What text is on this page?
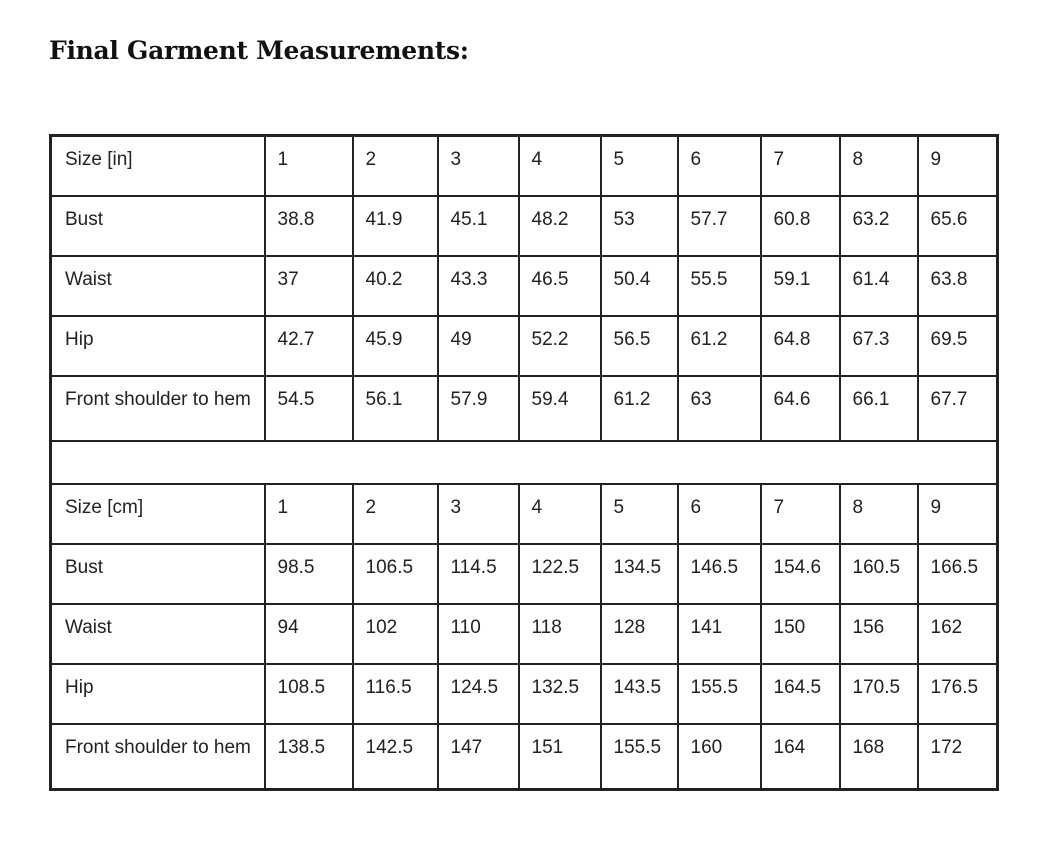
Final Garment Measurements:
Size [in]	1	2	3	4	5	6	7	8	9
Bust	38.8	41.9	45.1	48.2	53	57.7	60.8	63.2	65.6
Waist	37	40.2	43.3	46.5	50.4	55.5	59.1	61.4	63.8
Hip	42.7	45.9	49	52.2	56.5	61.2	64.8	67.3	69.5
Front shoulder to hem	54.5	56.1	57.9	59.4	61.2	63	64.6	66.1	67.7

Size [cm]	1	2	3	4	5	6	7	8	9
Bust	98.5	106.5	114.5	122.5	134.5	146.5	154.6	160.5	166.5
Waist	94	102	110	118	128	141	150	156	162
Hip	108.5	116.5	124.5	132.5	143.5	155.5	164.5	170.5	176.5
Front shoulder to hem	138.5	142.5	147	151	155.5	160	164	168	172
